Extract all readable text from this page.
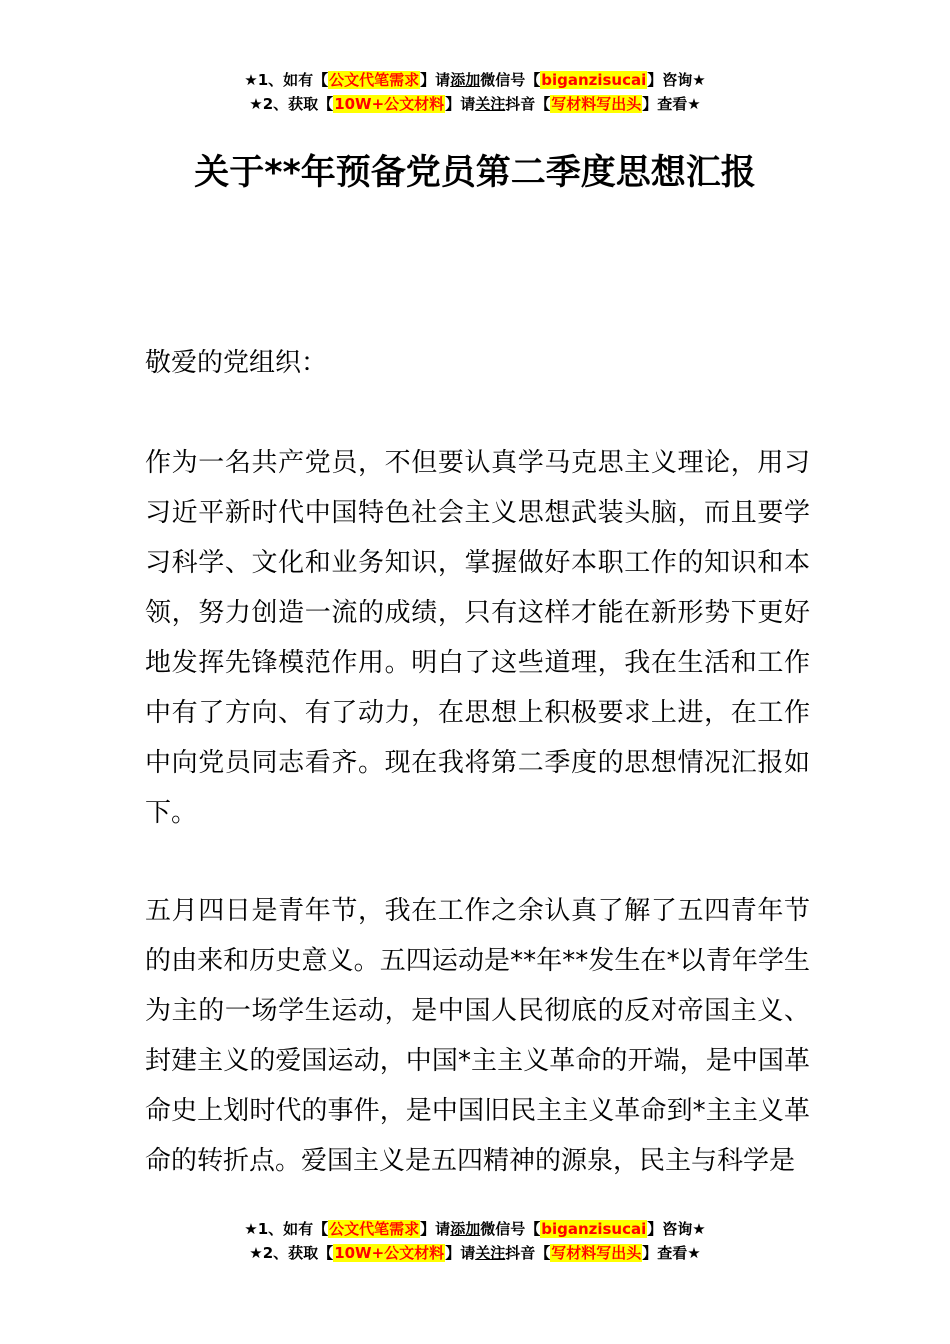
★1、如有【公文代笔需求】请添加微信号【biganzisucai】咨询★
★2、获取【10W+公文材料】请关注抖音【写材料写出头】查看★
关于**年预备党员第二季度思想汇报
敬爱的党组织：

作为一名共产党员，不但要认真学马克思主义理论，用习习近平新时代中国特色社会主义思想武装头脑，而且要学习科学、文化和业务知识，掌握做好本职工作的知识和本领，努力创造一流的成绩，只有这样才能在新形势下更好地发挥先锋模范作用。明白了这些道理，我在生活和工作中有了方向、有了动力，在思想上积极要求上进，在工作中向党员同志看齐。现在我将第二季度的思想情况汇报如下。

五月四日是青年节，我在工作之余认真了解了五四青年节的由来和历史意义。五四运动是**年**发生在*以青年学生为主的一场学生运动，是中国人民彻底的反对帝国主义、封建主义的爱国运动，中国*主主义革命的开端，是中国革命史上划时代的事件，是中国旧民主主义革命到*主主义革命的转折点。爱国主义是五四精神的源泉，民主与科学是

★1、如有【公文代笔需求】请添加微信号【biganzisucai】咨询★
★2、获取【10W+公文材料】请关注抖音【写材料写出头】查看★
